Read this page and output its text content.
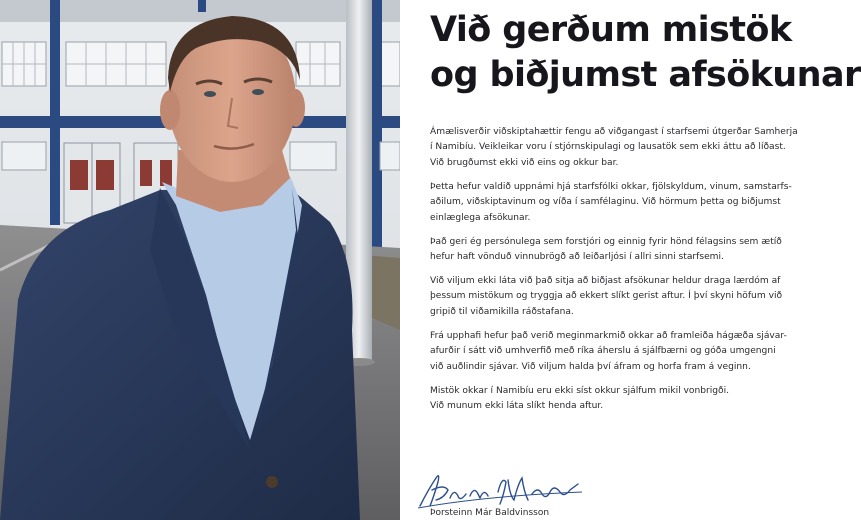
Við gerðum mistök
og biðjumst afsökunar

Ámælisverðir viðskiptahættir fengu að viðgangast í starfsemi útgerðar Samherja
í Namibíu. Veikleikar voru í stjórnskipulagi og lausatök sem ekki áttu að líðast.
Við brugðumst ekki við eins og okkur bar.

Þetta hefur valdið uppnámi hjá starfsfólki okkar, fjölskyldum, vinum, samstarfs-
aðilum, viðskiptavinum og víða í samfélaginu. Við hörmum þetta og biðjumst
einlæglega afsökunar.

Það geri ég persónulega sem forstjóri og einnig fyrir hönd félagsins sem ætíð
hefur haft vönduð vinnubrögð að leiðarljósi í allri sinni starfsemi.

Við viljum ekki láta við það sitja að biðjast afsökunar heldur draga lærdóm af
þessum mistökum og tryggja að ekkert slíkt gerist aftur. Í því skyni höfum við
gripið til viðamikilla ráðstafana.

Frá upphafi hefur það verið meginmarkmið okkar að framleiða hágæða sjávar-
afurðir í sátt við umhverfið með ríka áherslu á sjálfbærni og góða umgengni
við auðlindir sjávar. Við viljum halda því áfram og horfa fram á veginn.

Mistök okkar í Namibíu eru ekki síst okkur sjálfum mikil vonbrigði.
Við munum ekki láta slíkt henda aftur.

Þorsteinn Már Baldvinsson
